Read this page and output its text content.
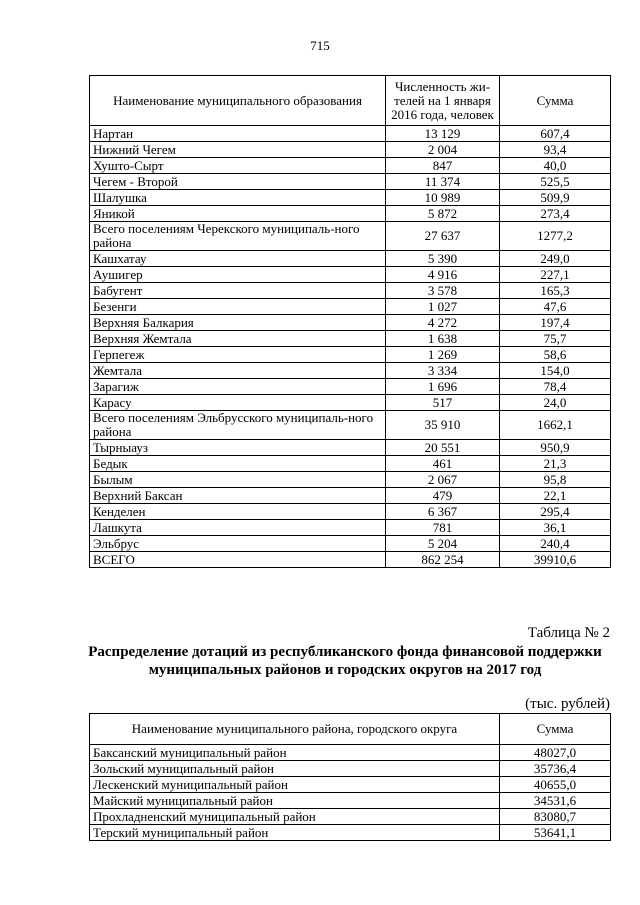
715
Наименование муниципального образования	Численность жи-телей на 1 января 2016 года, человек	Сумма
Нартан	13 129	607,4
Нижний Чегем	2 004	93,4
Хушто-Сырт	847	40,0
Чегем - Второй	11 374	525,5
Шалушка	10 989	509,9
Яникой	5 872	273,4
Всего поселениям Черекского муниципаль-ного района	27 637	1277,2
Кашхатау	5 390	249,0
Аушигер	4 916	227,1
Бабугент	3 578	165,3
Безенги	1 027	47,6
Верхняя Балкария	4 272	197,4
Верхняя Жемтала	1 638	75,7
Герпегеж	1 269	58,6
Жемтала	3 334	154,0
Зарагиж	1 696	78,4
Карасу	517	24,0
Всего поселениям Эльбрусского муниципаль-ного района	35 910	1662,1
Тырныауз	20 551	950,9
Бедык	461	21,3
Былым	2 067	95,8
Верхний Баксан	479	22,1
Кенделен	6 367	295,4
Лашкута	781	36,1
Эльбрус	5 204	240,4
ВСЕГО	862 254	39910,6
Таблица № 2
Распределение дотаций из республиканского фонда финансовой поддержки муниципальных районов и городских округов на 2017 год
(тыс. рублей)
Наименование муниципального района, городского округа	Сумма
Баксанский муниципальный район	48027,0
Зольский муниципальный район	35736,4
Лескенский муниципальный район	40655,0
Майский муниципальный район	34531,6
Прохладненский муниципальный район	83080,7
Терский муниципальный район	53641,1
